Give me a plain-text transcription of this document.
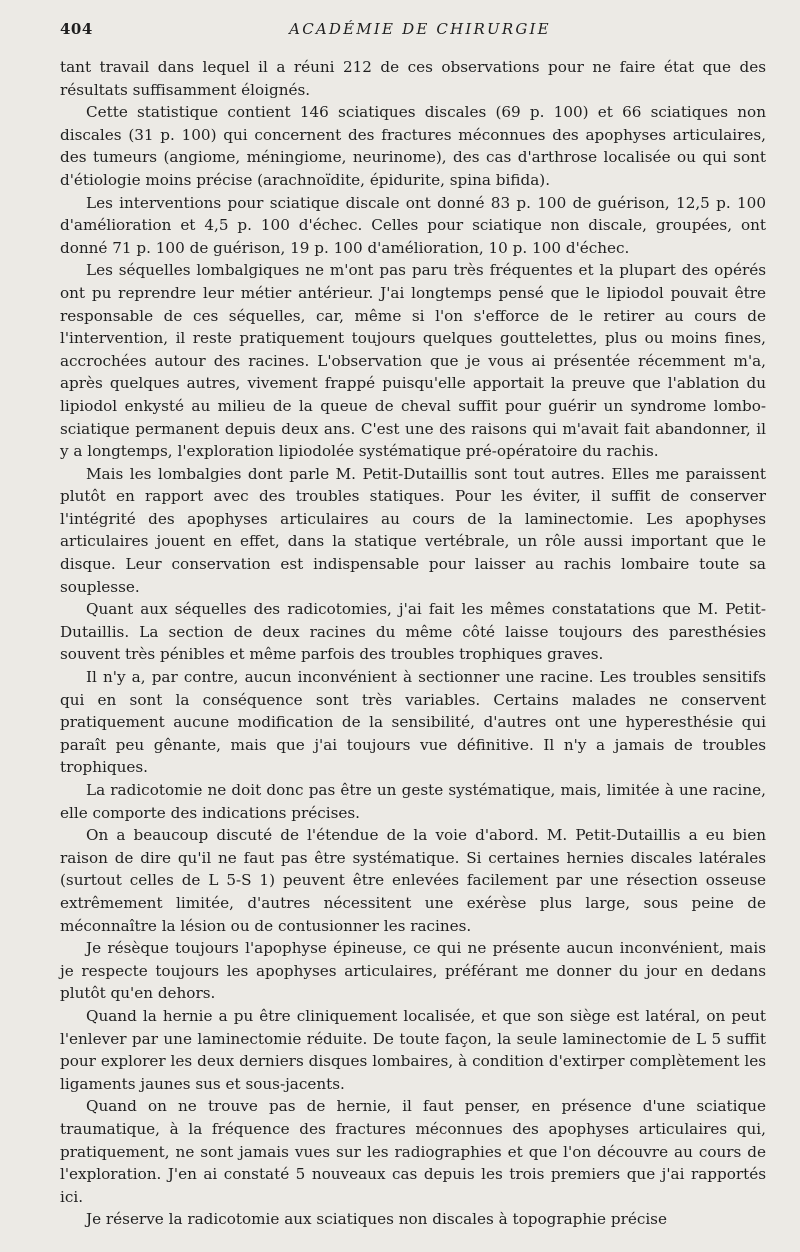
404	ACADÉMIE DE CHIRURGIE

tant travail dans lequel il a réuni 212 de ces observations pour ne faire état que des résultats suffisamment éloignés.

Cette statistique contient 146 sciatiques discales (69 p. 100) et 66 sciatiques non discales (31 p. 100) qui concernent des fractures méconnues des apophyses articulaires, des tumeurs (angiome, méningiome, neurinome), des cas d'arthrose localisée ou qui sont d'étiologie moins précise (arachnoïdite, épidurite, spina bifida).

Les interventions pour sciatique discale ont donné 83 p. 100 de guérison, 12,5 p. 100 d'amélioration et 4,5 p. 100 d'échec. Celles pour sciatique non discale, groupées, ont donné 71 p. 100 de guérison, 19 p. 100 d'amélioration, 10 p. 100 d'échec.

Les séquelles lombalgiques ne m'ont pas paru très fréquentes et la plupart des opérés ont pu reprendre leur métier antérieur. J'ai longtemps pensé que le lipiodol pouvait être responsable de ces séquelles, car, même si l'on s'efforce de le retirer au cours de l'intervention, il reste pratiquement toujours quelques gouttelettes, plus ou moins fines, accrochées autour des racines. L'observation que je vous ai présentée récemment m'a, après quelques autres, vivement frappé puisqu'elle apportait la preuve que l'ablation du lipiodol enkysté au milieu de la queue de cheval suffit pour guérir un syndrome lombo-sciatique permanent depuis deux ans. C'est une des raisons qui m'avait fait abandonner, il y a longtemps, l'exploration lipiodolée systématique pré-opératoire du rachis.

Mais les lombalgies dont parle M. Petit-Dutaillis sont tout autres. Elles me paraissent plutôt en rapport avec des troubles statiques. Pour les éviter, il suffit de conserver l'intégrité des apophyses articulaires au cours de la laminectomie. Les apophyses articulaires jouent en effet, dans la statique vertébrale, un rôle aussi important que le disque. Leur conservation est indispensable pour laisser au rachis lombaire toute sa souplesse.

Quant aux séquelles des radicotomies, j'ai fait les mêmes constatations que M. Petit-Dutaillis. La section de deux racines du même côté laisse toujours des paresthésies souvent très pénibles et même parfois des troubles trophiques graves.

Il n'y a, par contre, aucun inconvénient à sectionner une racine. Les troubles sensitifs qui en sont la conséquence sont très variables. Certains malades ne conservent pratiquement aucune modification de la sensibilité, d'autres ont une hyperesthésie qui paraît peu gênante, mais que j'ai toujours vue définitive. Il n'y a jamais de troubles trophiques.

La radicotomie ne doit donc pas être un geste systématique, mais, limitée à une racine, elle comporte des indications précises.

On a beaucoup discuté de l'étendue de la voie d'abord. M. Petit-Dutaillis a eu bien raison de dire qu'il ne faut pas être systématique. Si certaines hernies discales latérales (surtout celles de L 5-S 1) peuvent être enlevées facilement par une résection osseuse extrêmement limitée, d'autres nécessitent une exérèse plus large, sous peine de méconnaître la lésion ou de contusionner les racines.

Je résèque toujours l'apophyse épineuse, ce qui ne présente aucun inconvénient, mais je respecte toujours les apophyses articulaires, préférant me donner du jour en dedans plutôt qu'en dehors.

Quand la hernie a pu être cliniquement localisée, et que son siège est latéral, on peut l'enlever par une laminectomie réduite. De toute façon, la seule laminectomie de L 5 suffit pour explorer les deux derniers disques lombaires, à condition d'extirper complètement les ligaments jaunes sus et sous-jacents.

Quand on ne trouve pas de hernie, il faut penser, en présence d'une sciatique traumatique, à la fréquence des fractures méconnues des apophyses articulaires qui, pratiquement, ne sont jamais vues sur les radiographies et que l'on découvre au cours de l'exploration. J'en ai constaté 5 nouveaux cas depuis les trois premiers que j'ai rapportés ici.

Je réserve la radicotomie aux sciatiques non discales à topographie précise
